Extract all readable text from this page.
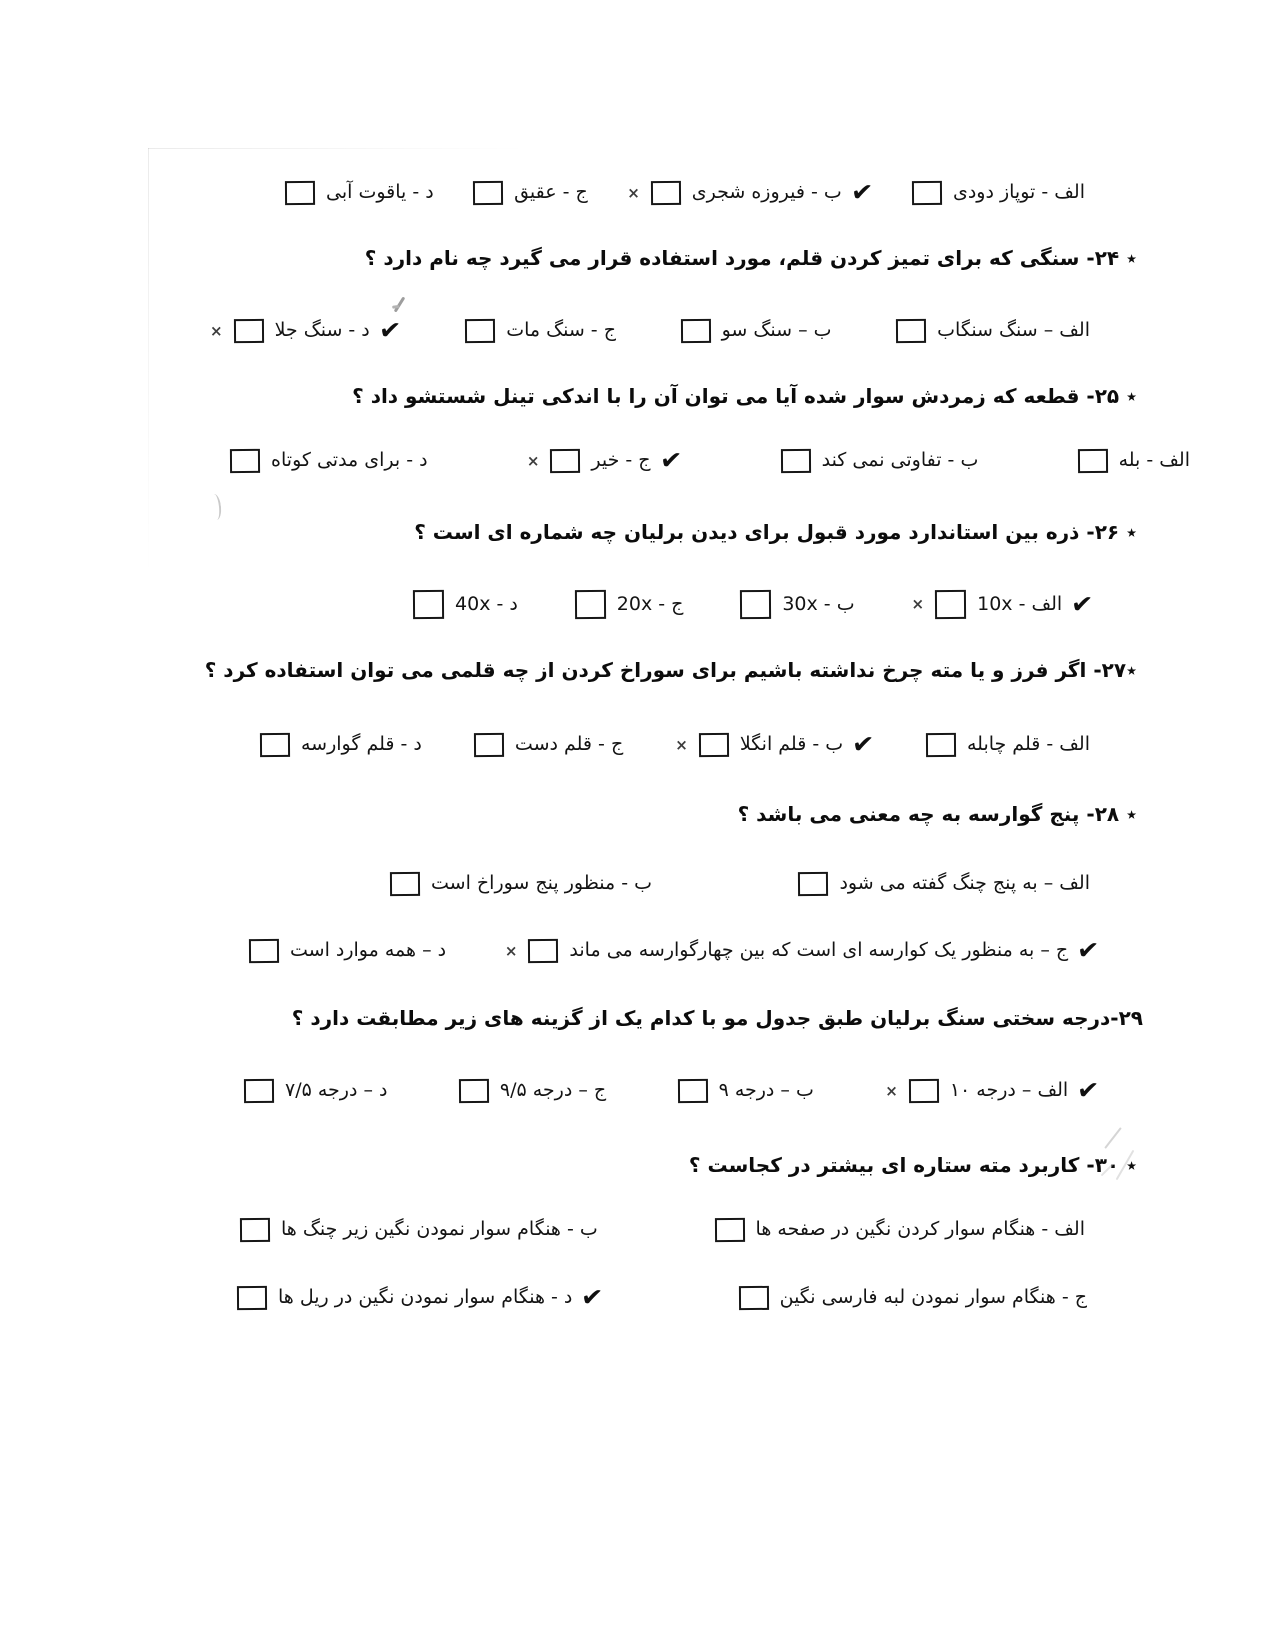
الف - توپاز دودی
✔
ب - فیروزه شجری
×
ج - عقیق
د - یاقوت آبی
٭ ۲۴- سنگی که برای تمیز کردن قلم، مورد استفاده قرار می گیرد چه نام دارد ؟
الف – سنگ سنگاب
ب – سنگ سو
ج - سنگ مات
✔
د - سنگ جلا
×
٭ ۲۵- قطعه که زمردش سوار شده آیا می توان آن را با اندکی تینل شستشو داد ؟
الف - بله
ب - تفاوتی نمی کند
✔
ج - خیر
×
د - برای مدتی کوتاه
٭ ۲۶- ذره بین استاندارد مورد قبول برای دیدن برلیان چه شماره ای است ؟
✔
الف - 10x
×
ب - 30x
ج - 20x
د - 40x
٭۲۷- اگر فرز و یا مته چرخ نداشته باشیم برای سوراخ کردن از چه قلمی می توان استفاده کرد ؟
الف - قلم چابله
✔
ب - قلم انگلا
×
ج - قلم دست
د - قلم گوارسه
٭ ۲۸- پنج گوارسه به چه معنی می باشد ؟
الف – به پنج چنگ گفته می شود
ب - منظور پنج سوراخ است
✔
ج – به منظور یک کوارسه ای است که بین چهارگوارسه می ماند
×
د – همه موارد است
۲۹-درجه سختی سنگ برلیان طبق جدول مو با کدام یک از گزینه های زیر مطابقت دارد ؟
✔
الف – درجه ۱۰
×
ب – درجه ۹
ج – درجه ۹/۵
د – درجه ۷/۵
٭ ۳۰- کاربرد مته ستاره ای بیشتر در کجاست ؟
الف - هنگام سوار کردن نگین در صفحه ها
ب - هنگام سوار نمودن نگین زیر چنگ ها
ج - هنگام سوار نمودن لبه فارسی نگین
✔
د - هنگام سوار نمودن نگین در ریل ها
